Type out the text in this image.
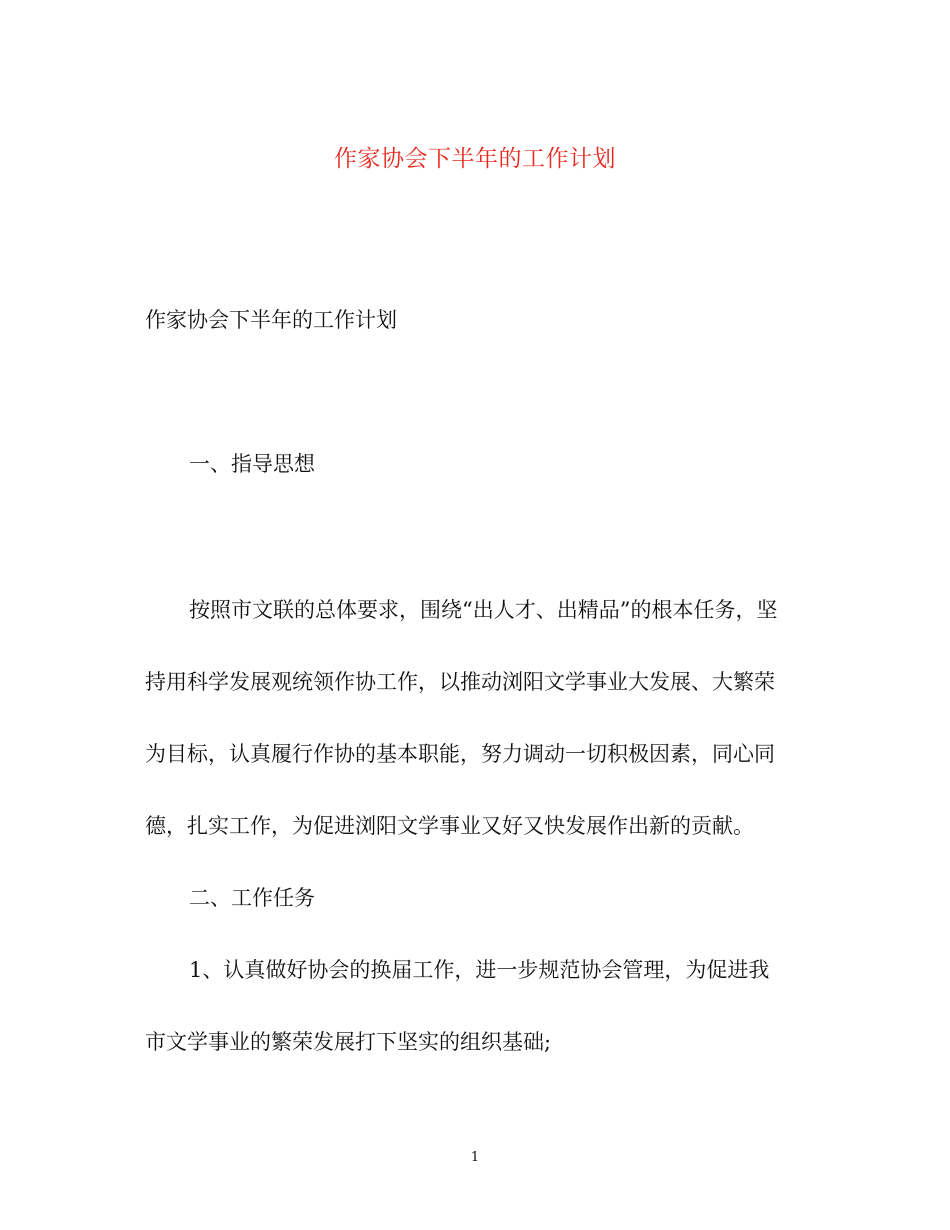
作家协会下半年的工作计划
作家协会下半年的工作计划
一、指导思想
按照市文联的总体要求，围绕“出人才、出精品”的根本任务，坚
持用科学发展观统领作协工作，以推动浏阳文学事业大发展、大繁荣
为目标，认真履行作协的基本职能，努力调动一切积极因素，同心同
德，扎实工作，为促进浏阳文学事业又好又快发展作出新的贡献。
二、工作任务
1、认真做好协会的换届工作，进一步规范协会管理，为促进我
市文学事业的繁荣发展打下坚实的组织基础;
1
